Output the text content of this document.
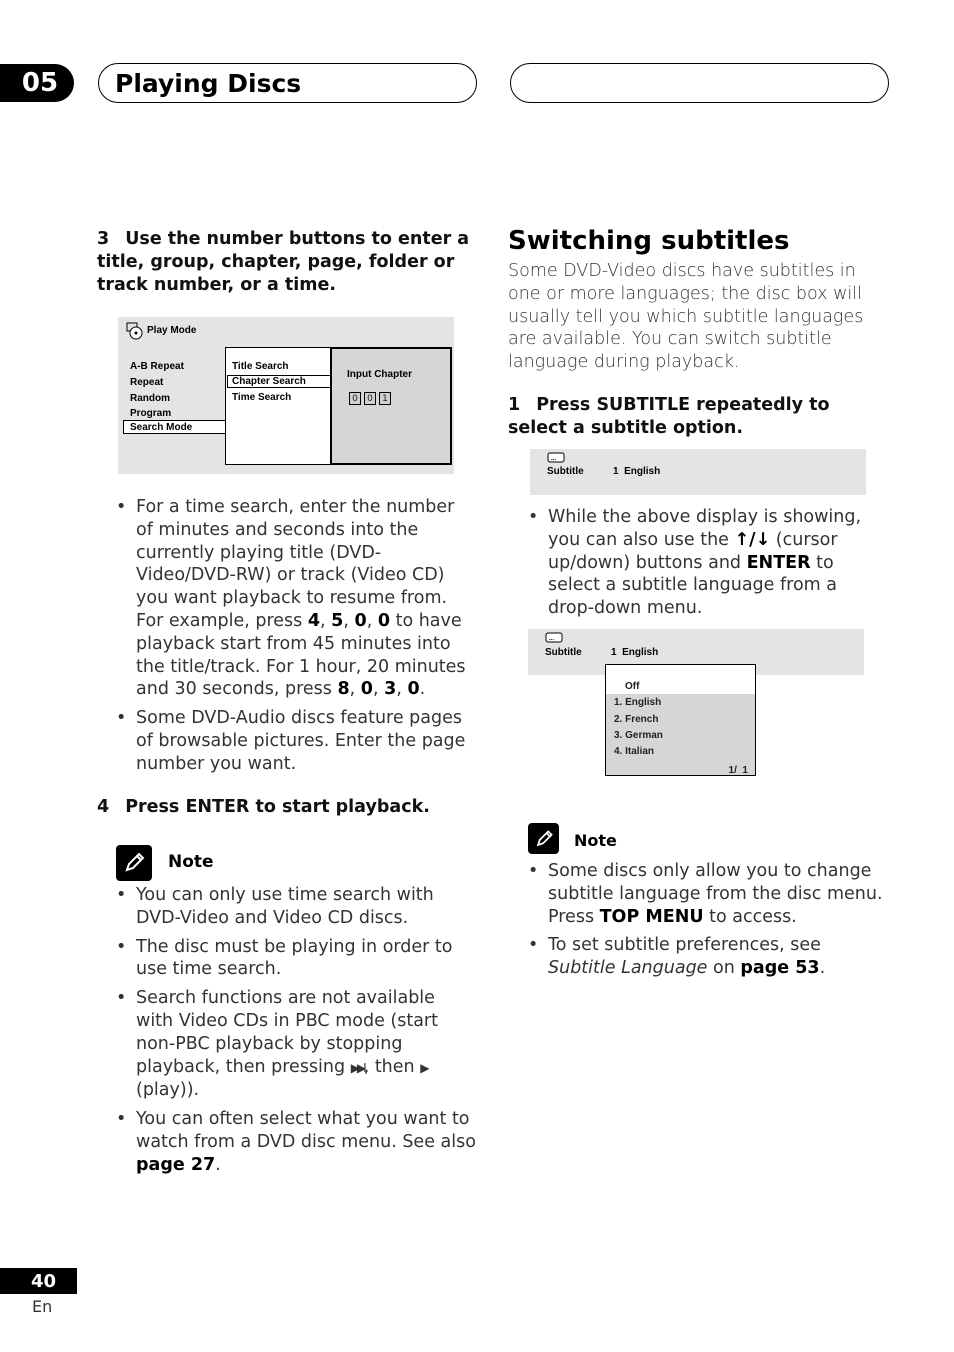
05	Playing Discs
3 Use the number buttons to enter a title, group, chapter, page, folder or track number, or a time.
Play Mode
A-B Repeat
Repeat
Random
Program
Search Mode
Title Search
Chapter Search
Time Search
Input Chapter
0	0	1
• For a time search, enter the number of minutes and seconds into the currently playing title (DVD-Video/DVD-RW) or track (Video CD) you want playback to resume from. For example, press 4, 5, 0, 0 to have playback start from 45 minutes into the title/track. For 1 hour, 20 minutes and 30 seconds, press 8, 0, 3, 0.
• Some DVD-Audio discs feature pages of browsable pictures. Enter the page number you want.
4 Press ENTER to start playback.
Note
• You can only use time search with DVD-Video and Video CD discs.
• The disc must be playing in order to use time search.
• Search functions are not available with Video CDs in PBC mode (start non-PBC playback by stopping playback, then pressing ▶▶I, then ▶ (play)).
• You can often select what you want to watch from a DVD disc menu. See also page 27.
Switching subtitles
Some DVD-Video discs have subtitles in one or more languages; the disc box will usually tell you which subtitle languages are available. You can switch subtitle language during playback.
1 Press SUBTITLE repeatedly to select a subtitle option.
...
Subtitle	1  English
• While the above display is showing, you can also use the ↑/↓ (cursor up/down) buttons and ENTER to select a subtitle language from a drop-down menu.
...
Subtitle	1  English
Off
1. English
2. French
3. German
4. Italian
1/  1
Note
• Some discs only allow you to change subtitle language from the disc menu. Press TOP MENU to access.
• To set subtitle preferences, see Subtitle Language on page 53.
40
En
